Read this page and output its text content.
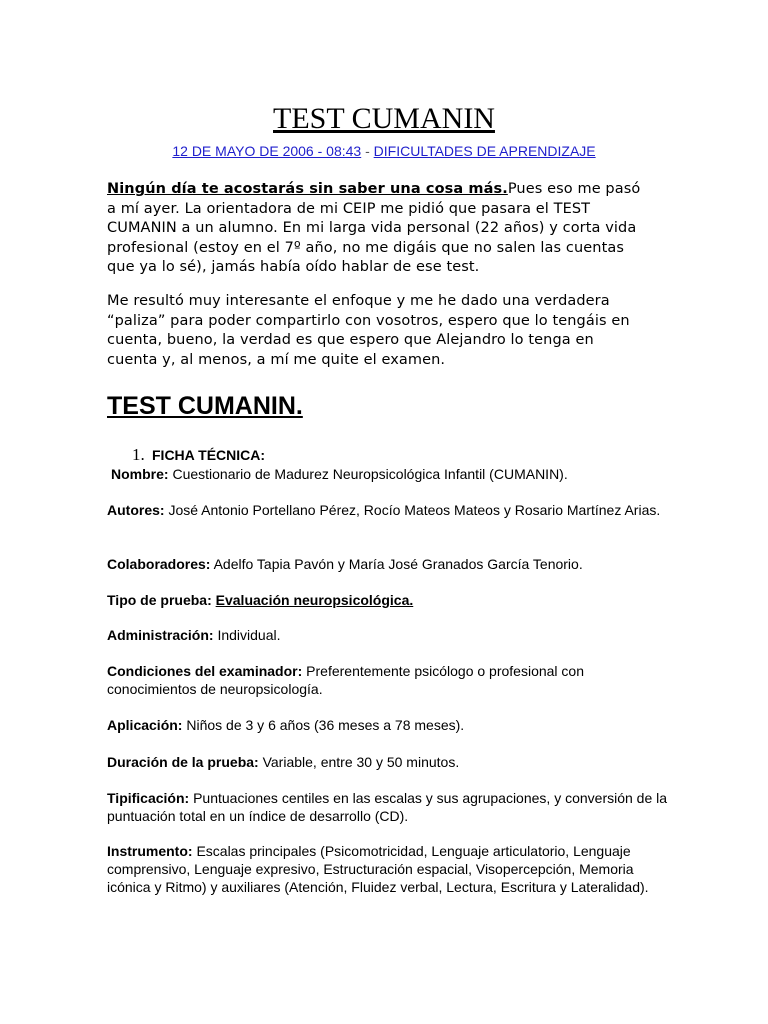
TEST CUMANIN
12 DE MAYO DE 2006 - 08:43 - DIFICULTADES DE APRENDIZAJE
Ningún día te acostarás sin saber una cosa más.Pues eso me pasó a mí ayer. La orientadora de mi CEIP me pidió que pasara el TEST CUMANIN a un alumno. En mi larga vida personal (22 años) y corta vida profesional (estoy en el 7º año, no me digáis que no salen las cuentas que ya lo sé), jamás había oído hablar de ese test.
Me resultó muy interesante el enfoque y me he dado una verdadera “paliza” para poder compartirlo con vosotros, espero que lo tengáis en cuenta, bueno, la verdad es que espero que Alejandro lo tenga en cuenta y, al menos, a mí me quite el examen.
TEST CUMANIN.
1. FICHA TÉCNICA:
Nombre: Cuestionario de Madurez Neuropsicológica Infantil (CUMANIN).
Autores: José Antonio Portellano Pérez, Rocío Mateos Mateos y Rosario Martínez Arias.
Colaboradores: Adelfo Tapia Pavón y María José Granados García Tenorio.
Tipo de prueba: Evaluación neuropsicológica.
Administración: Individual.
Condiciones del examinador: Preferentemente psicólogo o profesional con conocimientos de neuropsicología.
Aplicación: Niños de 3 y 6 años (36 meses a 78 meses).
Duración de la prueba: Variable, entre 30 y 50 minutos.
Tipificación: Puntuaciones centiles en las escalas y sus agrupaciones, y conversión de la puntuación total en un índice de desarrollo (CD).
Instrumento: Escalas principales (Psicomotricidad, Lenguaje articulatorio, Lenguaje comprensivo, Lenguaje expresivo, Estructuración espacial, Visopercepción, Memoria icónica y Ritmo) y auxiliares (Atención, Fluidez verbal, Lectura, Escritura y Lateralidad).
